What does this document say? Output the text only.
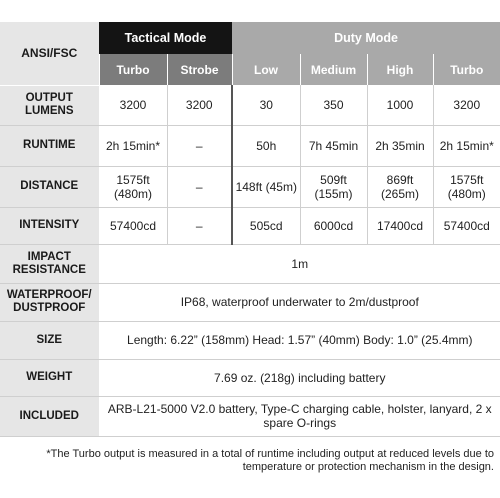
ANSI/FSC	Tactical Mode		Duty Mode			
	Turbo	Strobe	Low	Medium	High	Turbo
OUTPUT LUMENS	3200	3200	30	350	1000	3200
RUNTIME	2h 15min*	–	50h	7h 45min	2h 35min	2h 15min*
DISTANCE	1575ft (480m)	–	148ft (45m)	509ft (155m)	869ft (265m)	1575ft (480m)
INTENSITY	57400cd	–	505cd	6000cd	17400cd	57400cd
IMPACT RESISTANCE	1m					
WATERPROOF/ DUSTPROOF	IP68, waterproof underwater to 2m/dustproof					
SIZE	Length: 6.22” (158mm) Head: 1.57” (40mm) Body: 1.0” (25.4mm)					
WEIGHT	7.69 oz. (218g) including battery					
INCLUDED	ARB-L21-5000 V2.0 battery, Type-C charging cable, holster, lanyard, 2 x spare O-rings					
*The Turbo output is measured in a total of runtime including output at reduced levels due to temperature or protection mechanism in the design.
